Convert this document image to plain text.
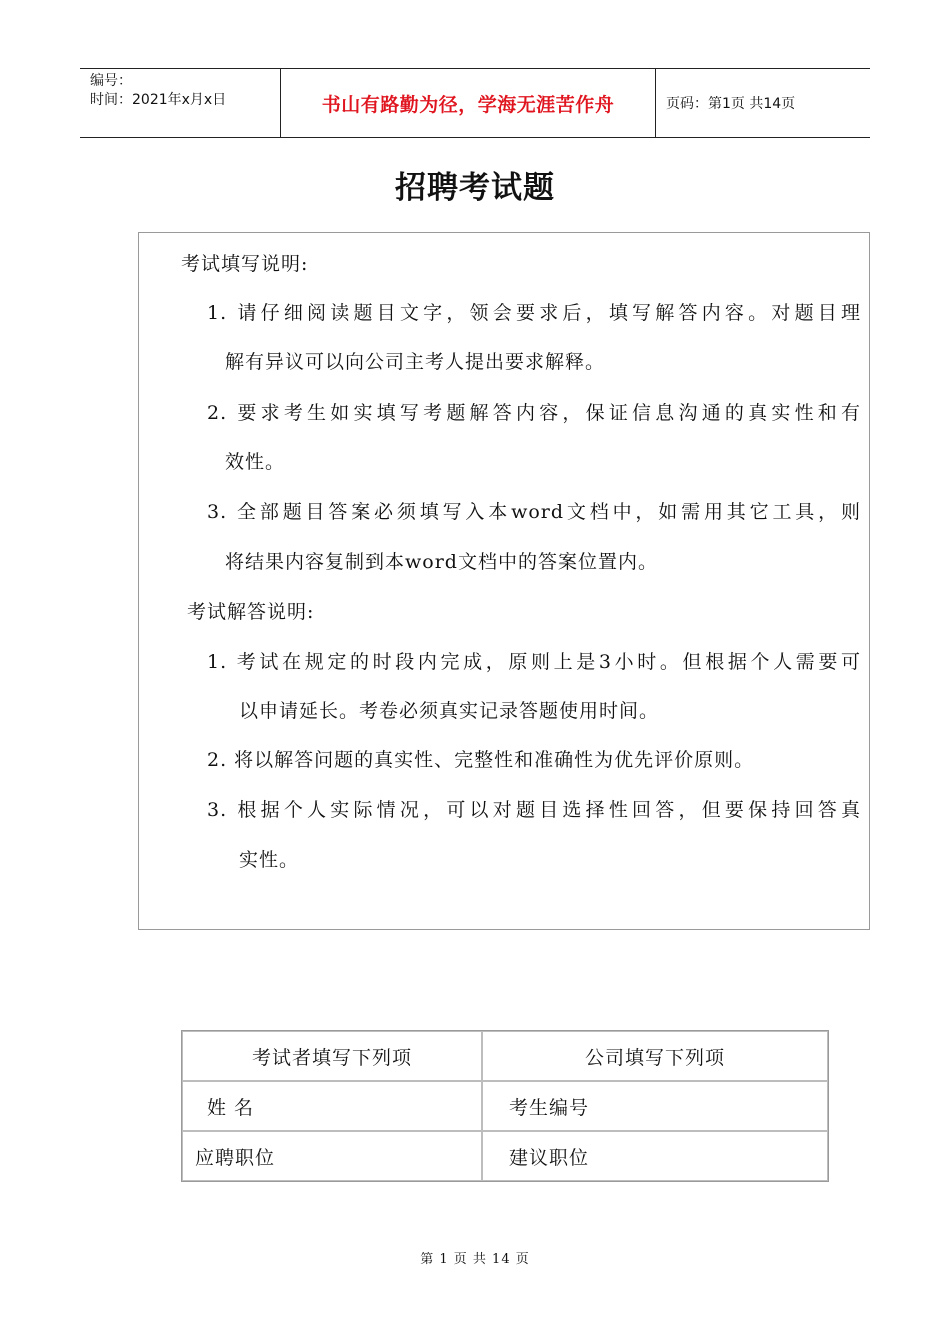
编号：
时间：2021年x月x日	书山有路勤为径，学海无涯苦作舟	页码：第1页 共14页
招聘考试题
考试填写说明:
1. 请仔细阅读题目文字，领会要求后，填写解答内容。对题目理
解有异议可以向公司主考人提出要求解释。
2. 要求考生如实填写考题解答内容，保证信息沟通的真实性和有
效性。
3. 全部题目答案必须填写入本word文档中，如需用其它工具，则
将结果内容复制到本word文档中的答案位置内。
考试解答说明:
1. 考试在规定的时段内完成，原则上是3小时。但根据个人需要可
以申请延长。考卷必须真实记录答题使用时间。
2. 将以解答问题的真实性、完整性和准确性为优先评价原则。
3. 根据个人实际情况，可以对题目选择性回答，但要保持回答真
实性。
考试者填写下列项	公司填写下列项
姓 名	考生编号
应聘职位	建议职位
第 1 页 共 14 页
